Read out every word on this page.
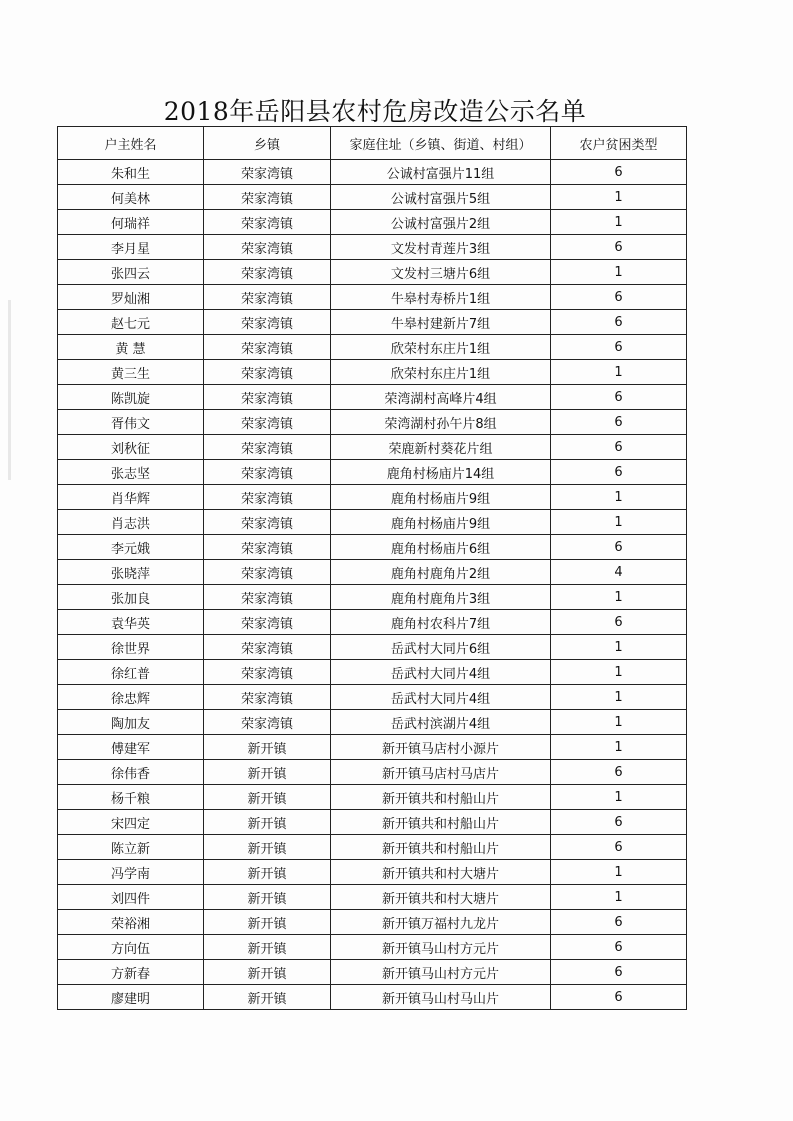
2018年岳阳县农村危房改造公示名单
户主姓名	乡镇	家庭住址（乡镇、街道、村组）	农户贫困类型
朱和生	荣家湾镇	公诚村富强片11组	6
何美林	荣家湾镇	公诚村富强片5组	1
何瑞祥	荣家湾镇	公诚村富强片2组	1
李月星	荣家湾镇	文发村青莲片3组	6
张四云	荣家湾镇	文发村三塘片6组	1
罗灿湘	荣家湾镇	牛皋村寿桥片1组	6
赵七元	荣家湾镇	牛皋村建新片7组	6
黄 慧	荣家湾镇	欣荣村东庄片1组	6
黄三生	荣家湾镇	欣荣村东庄片1组	1
陈凯旋	荣家湾镇	荣湾湖村高峰片4组	6
胥伟文	荣家湾镇	荣湾湖村孙午片8组	6
刘秋征	荣家湾镇	荣鹿新村葵花片组	6
张志坚	荣家湾镇	鹿角村杨庙片14组	6
肖华辉	荣家湾镇	鹿角村杨庙片9组	1
肖志洪	荣家湾镇	鹿角村杨庙片9组	1
李元娥	荣家湾镇	鹿角村杨庙片6组	6
张晓萍	荣家湾镇	鹿角村鹿角片2组	4
张加良	荣家湾镇	鹿角村鹿角片3组	1
袁华英	荣家湾镇	鹿角村农科片7组	6
徐世界	荣家湾镇	岳武村大同片6组	1
徐红普	荣家湾镇	岳武村大同片4组	1
徐忠辉	荣家湾镇	岳武村大同片4组	1
陶加友	荣家湾镇	岳武村滨湖片4组	1
傅建军	新开镇	新开镇马店村小源片	1
徐伟香	新开镇	新开镇马店村马店片	6
杨千粮	新开镇	新开镇共和村船山片	1
宋四定	新开镇	新开镇共和村船山片	6
陈立新	新开镇	新开镇共和村船山片	6
冯学南	新开镇	新开镇共和村大塘片	1
刘四件	新开镇	新开镇共和村大塘片	1
荣裕湘	新开镇	新开镇万福村九龙片	6
方向伍	新开镇	新开镇马山村方元片	6
方新春	新开镇	新开镇马山村方元片	6
廖建明	新开镇	新开镇马山村马山片	6
